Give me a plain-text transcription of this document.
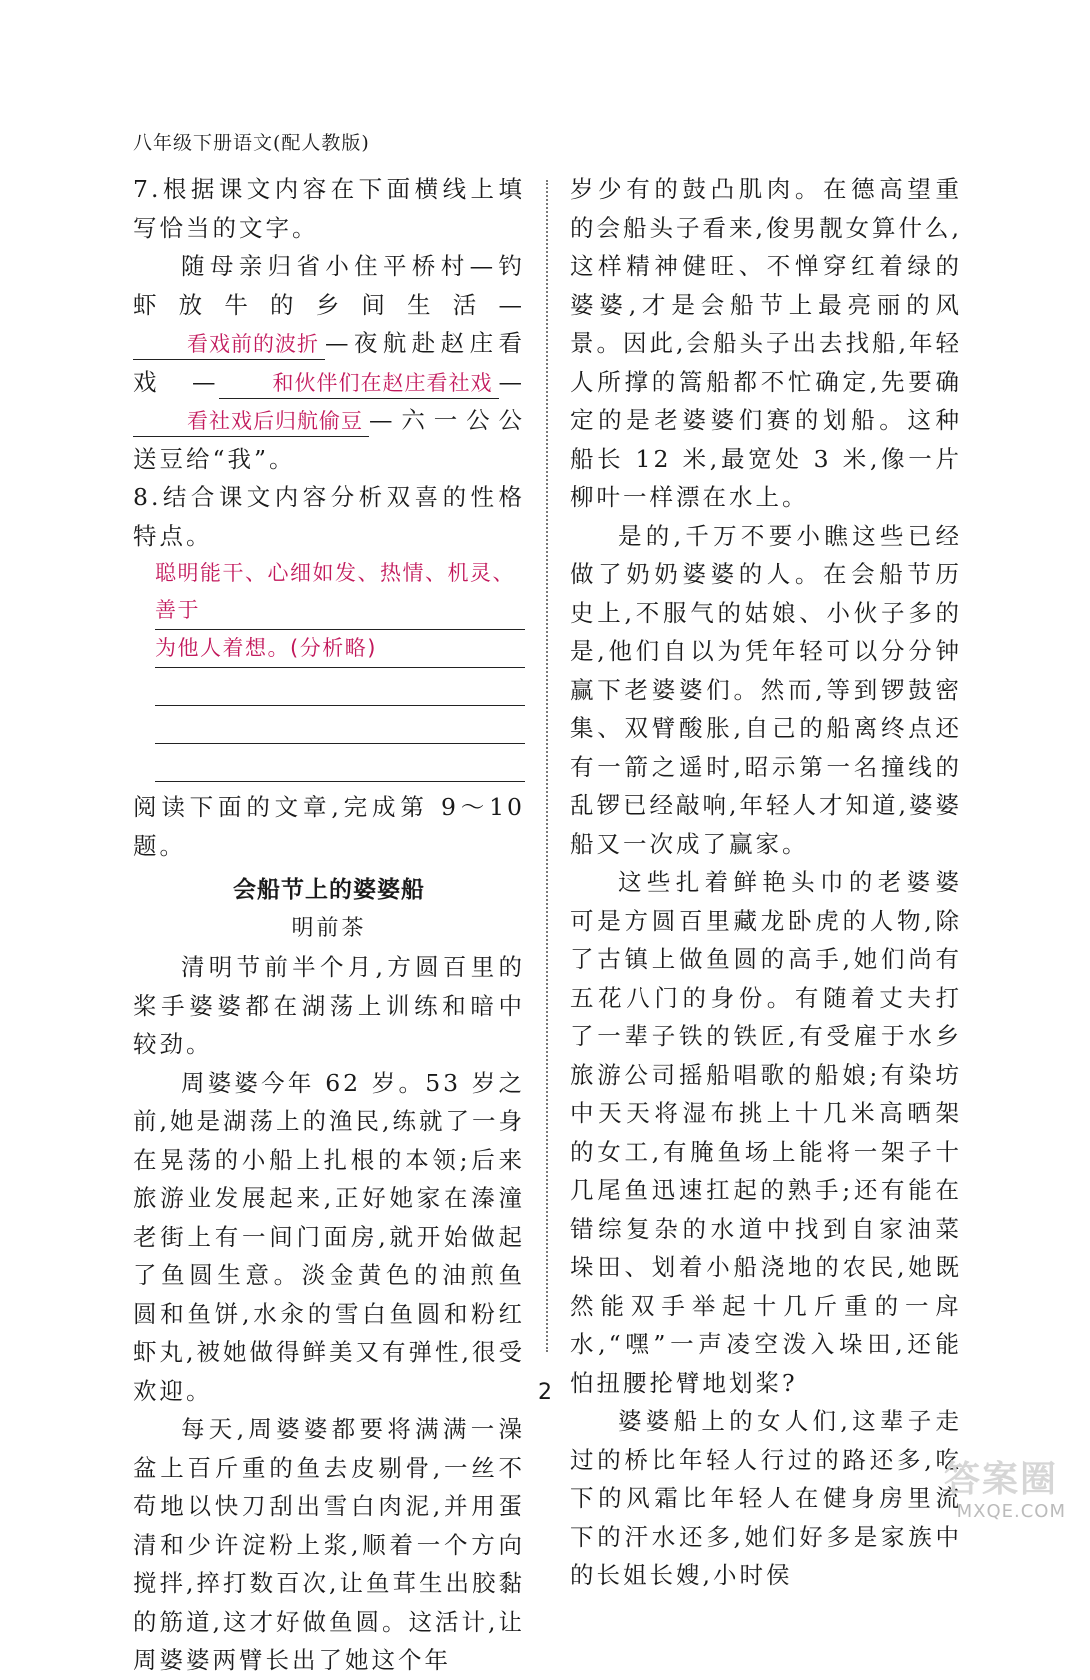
八年级下册语文(配人教版)

7.根据课文内容在下面横线上填写恰当的文字。

随母亲归省小住平桥村—钓虾放牛的乡间生活—看戏前的波折 —夜航赴赵庄看戏—	和伙伴们在赵庄看社戏 —看社戏后归航偷豆 —六一公公送豆给“我”。

8.结合课文内容分析双喜的性格特点。

聪明能干、心细如发、热情、机灵、善于
为他人着想。(分析略)

阅读下面的文章,完成第 9～10 题。

会船节上的婆婆船
明前茶

清明节前半个月,方圆百里的桨手婆婆都在湖荡上训练和暗中较劲。

周婆婆今年 62 岁。53 岁之前,她是湖荡上的渔民,练就了一身在晃荡的小船上扎根的本领;后来旅游业发展起来,正好她家在溱潼老街上有一间门面房,就开始做起了鱼圆生意。淡金黄色的油煎鱼圆和鱼饼,水汆的雪白鱼圆和粉红虾丸,被她做得鲜美又有弹性,很受欢迎。

每天,周婆婆都要将满满一澡盆上百斤重的鱼去皮剔骨,一丝不苟地以快刀刮出雪白肉泥,并用蛋清和少许淀粉上浆,顺着一个方向搅拌,捽打数百次,让鱼茸生出胶黏的筋道,这才好做鱼圆。这活计,让周婆婆两臂长出了她这个年

岁少有的鼓凸肌肉。在德高望重的会船头子看来,俊男靓女算什么,这样精神健旺、不惮穿红着绿的婆婆,才是会船节上最亮丽的风景。因此,会船头子出去找船,年轻人所撑的篙船都不忙确定,先要确定的是老婆婆们赛的划船。这种船长 12 米,最宽处 3 米,像一片柳叶一样漂在水上。

是的,千万不要小瞧这些已经做了奶奶婆婆的人。在会船节历史上,不服气的姑娘、小伙子多的是,他们自以为凭年轻可以分分钟赢下老婆婆们。然而,等到锣鼓密集、双臂酸胀,自己的船离终点还有一箭之遥时,昭示第一名撞线的乱锣已经敲响,年轻人才知道,婆婆船又一次成了赢家。

这些扎着鲜艳头巾的老婆婆可是方圆百里藏龙卧虎的人物,除了古镇上做鱼圆的高手,她们尚有五花八门的身份。有随着丈夫打了一辈子铁的铁匠,有受雇于水乡旅游公司摇船唱歌的船娘;有染坊中天天将湿布挑上十几米高晒架的女工,有腌鱼场上能将一架子十几尾鱼迅速扛起的熟手;还有能在错综复杂的水道中找到自家油菜垛田、划着小船浇地的农民,她既然能双手举起十几斤重的一戽水,“嘿”一声凌空泼入垛田,还能怕扭腰抡臂地划桨?

婆婆船上的女人们,这辈子走过的桥比年轻人行过的路还多,吃下的风霜比年轻人在健身房里流下的汗水还多,她们好多是家族中的长姐长嫂,小时侯

2
答案圈
MXQE.COM
